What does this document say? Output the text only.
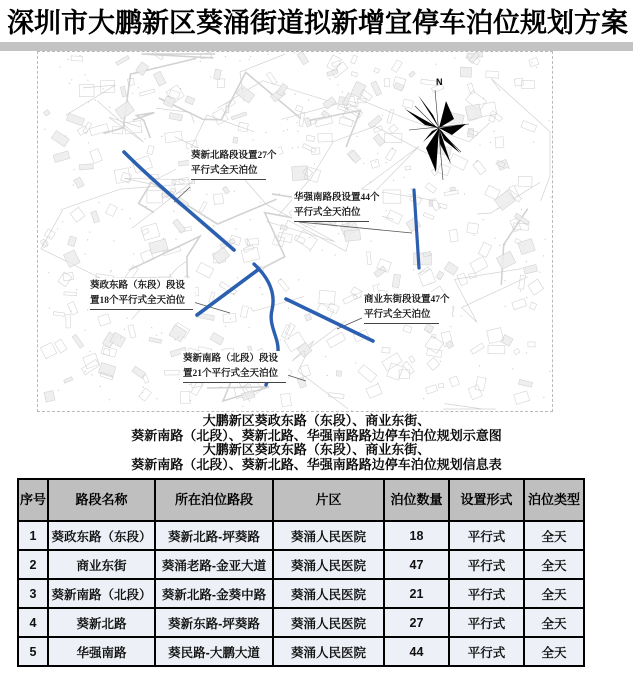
深圳市大鹏新区葵涌街道拟新增宜停车泊位规划方案
N
葵新北路段设置27个
平行式全天泊位
华强南路段设置44个
平行式全天泊位
葵政东路（东段）段设
置18个平行式全天泊位	商业东街段设置47个
平行式全天泊位
葵新南路（北段）段设
置21个平行式全天泊位
大鹏新区葵政东路（东段）、商业东街、
葵新南路（北段）、葵新北路、华强南路路边停车泊位规划示意图
大鹏新区葵政东路（东段）、商业东街、
葵新南路（北段）、葵新北路、华强南路路边停车泊位规划信息表
序号	路段名称	所在泊位路段	片区	泊位数量	设置形式	泊位类型
1	葵政东路（东段）	葵新北路-坪葵路	葵涌人民医院	18	平行式	全天
2	商业东街	葵涌老路-金亚大道	葵涌人民医院	47	平行式	全天
3	葵新南路（北段）	葵新北路-金葵中路	葵涌人民医院	21	平行式	全天
4	葵新北路	葵新东路-坪葵路	葵涌人民医院	27	平行式	全天
5	华强南路	葵民路-大鹏大道	葵涌人民医院	44	平行式	全天
